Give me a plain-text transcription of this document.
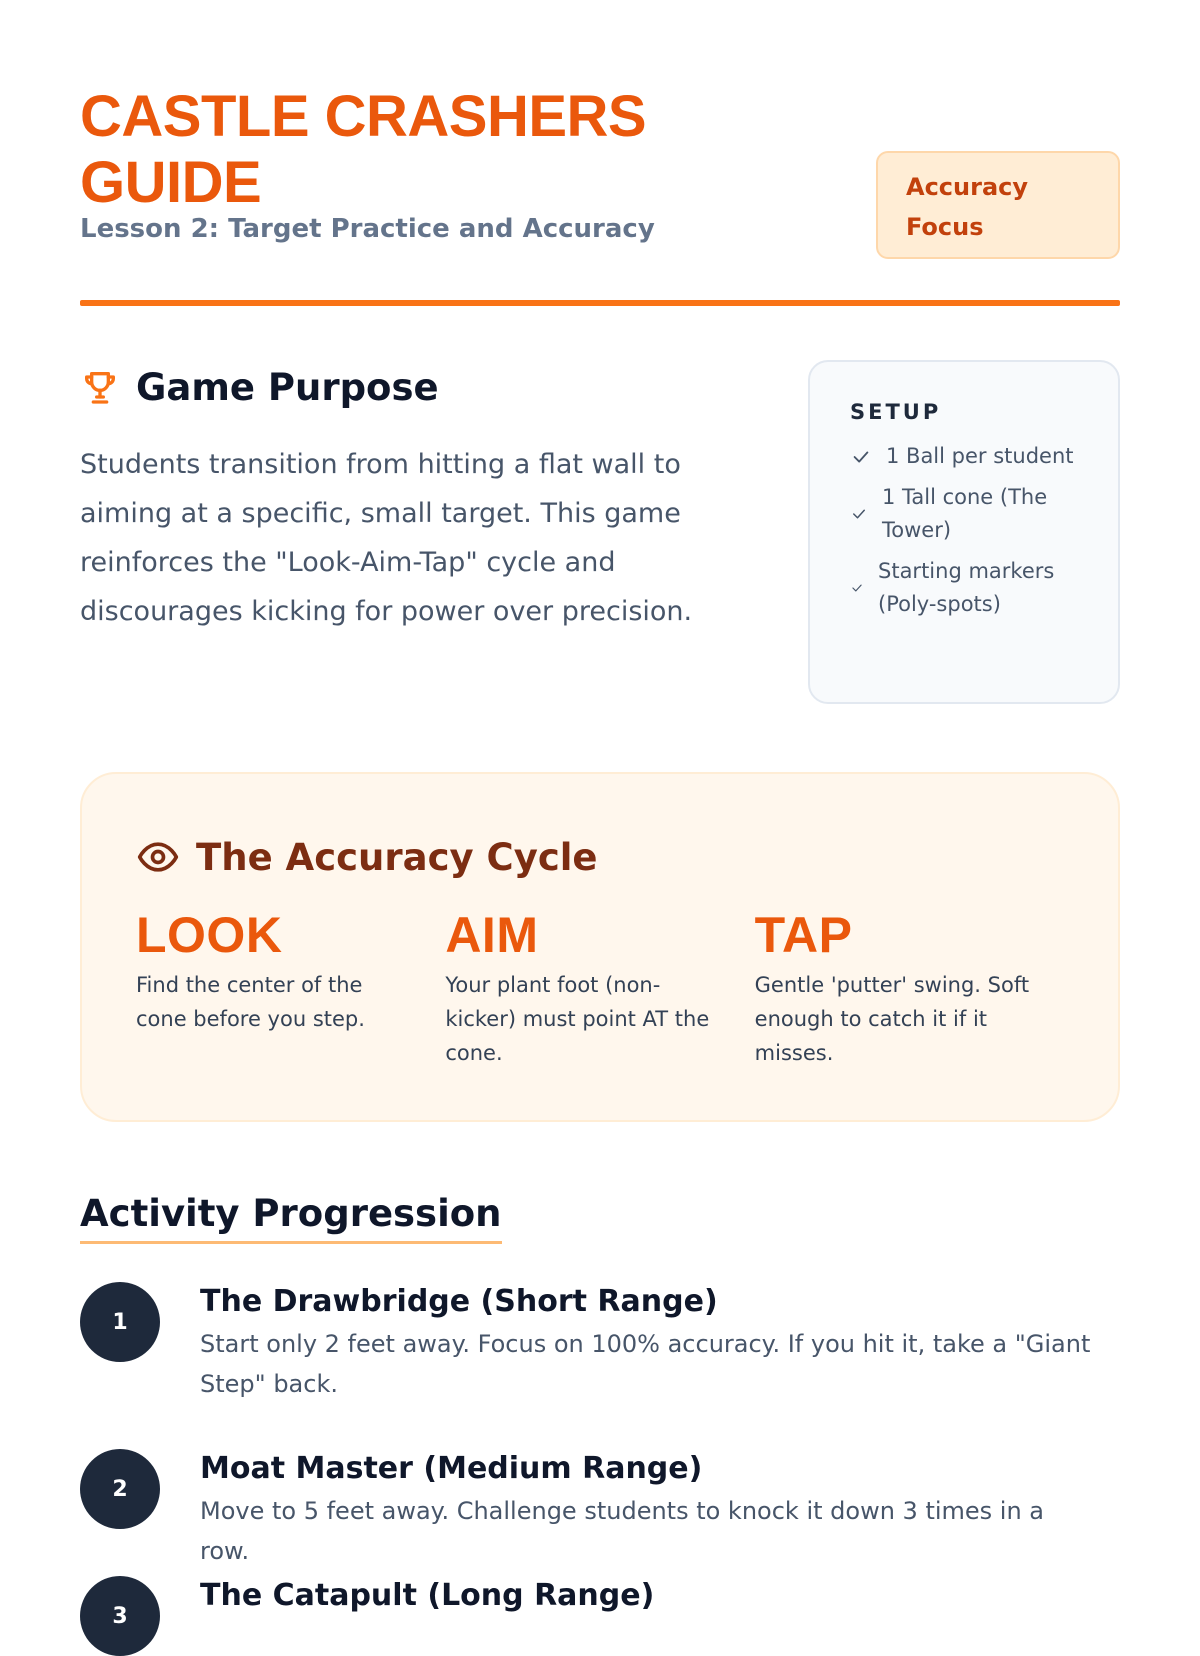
CASTLE CRASHERS GUIDE
Lesson 2: Target Practice and Accuracy
Accuracy Focus
Game Purpose

Students transition from hitting a flat wall to aiming at a specific, small target. This game reinforces the "Look-Aim-Tap" cycle and discourages kicking for power over precision.

SETUP
1 Ball per student
1 Tall cone (The Tower)
Starting markers (Poly-spots)
The Accuracy Cycle
LOOK
Find the center of the cone before you step.
AIM
Your plant foot (non-kicker) must point AT the cone.
TAP
Gentle 'putter' swing. Soft enough to catch it if it misses.
Activity Progression
1
The Drawbridge (Short Range)
Start only 2 feet away. Focus on 100% accuracy. If you hit it, take a "Giant Step" back.
2
Moat Master (Medium Range)
Move to 5 feet away. Challenge students to knock it down 3 times in a row.
3
The Catapult (Long Range)
